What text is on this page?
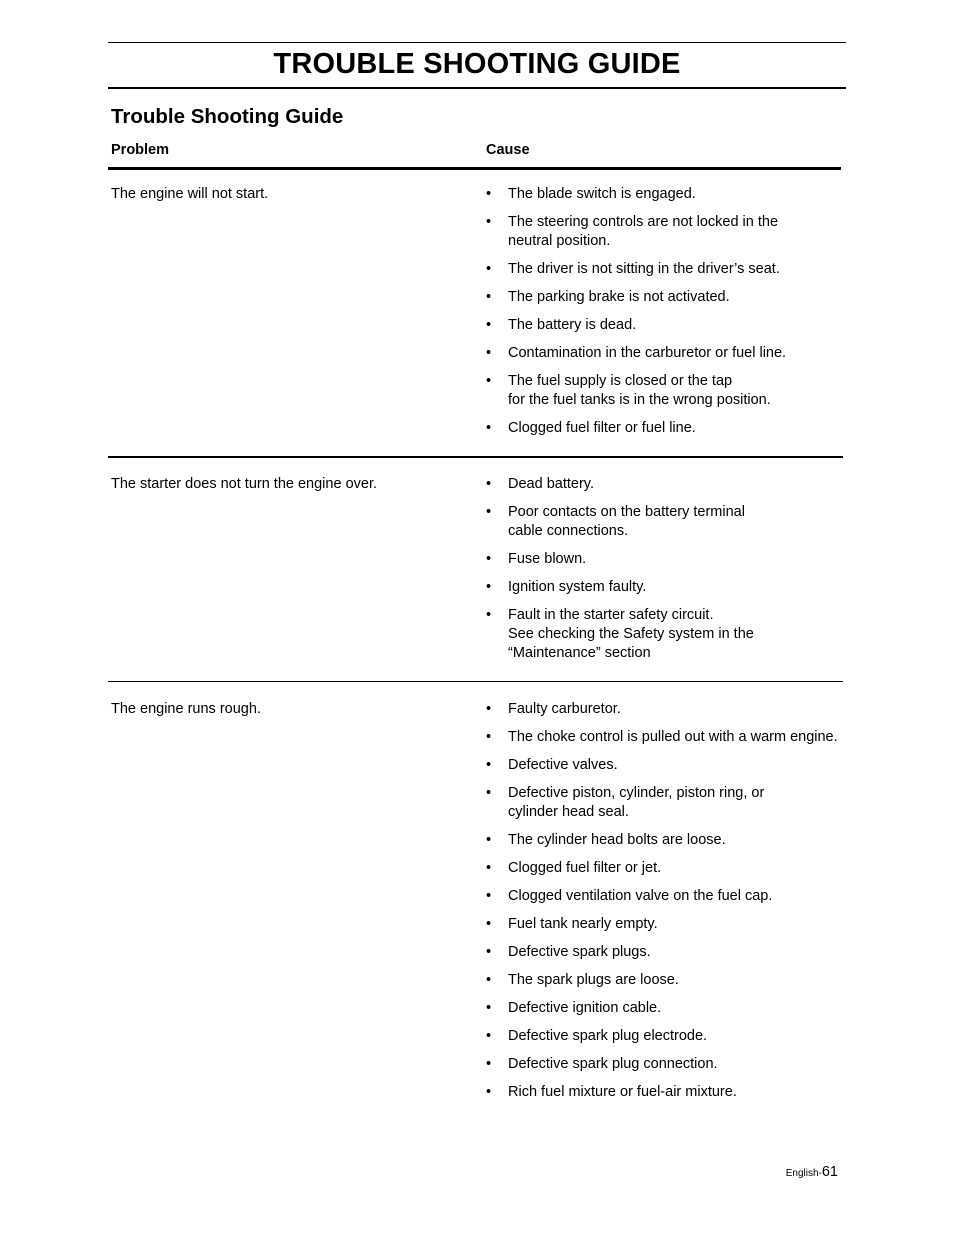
TROUBLE SHOOTING GUIDE
Trouble Shooting Guide
Problem	Cause
The engine will not start.	• The blade switch is engaged.
• The steering controls are not locked in the
neutral position.
• The driver is not sitting in the driver’s seat.
• The parking brake is not activated.
• The battery is dead.
• Contamination in the carburetor or fuel line.
• The fuel supply is closed or the tap
for the fuel tanks is in the wrong position.
• Clogged fuel filter or fuel line.
The starter does not turn the engine over.	• Dead battery.
• Poor contacts on the battery terminal
cable connections.
• Fuse blown.
• Ignition system faulty.
• Fault in the starter safety circuit.
See checking the Safety system in the
“Maintenance” section
The engine runs rough.	• Faulty carburetor.
• The choke control is pulled out with a warm engine.
• Defective valves.
• Defective piston, cylinder, piston ring, or
cylinder head seal.
• The cylinder head bolts are loose.
• Clogged fuel filter or jet.
• Clogged ventilation valve on the fuel cap.
• Fuel tank nearly empty.
• Defective spark plugs.
• The spark plugs are loose.
• Defective ignition cable.
• Defective spark plug electrode.
• Defective spark plug connection.
• Rich fuel mixture or fuel-air mixture.
English-61
